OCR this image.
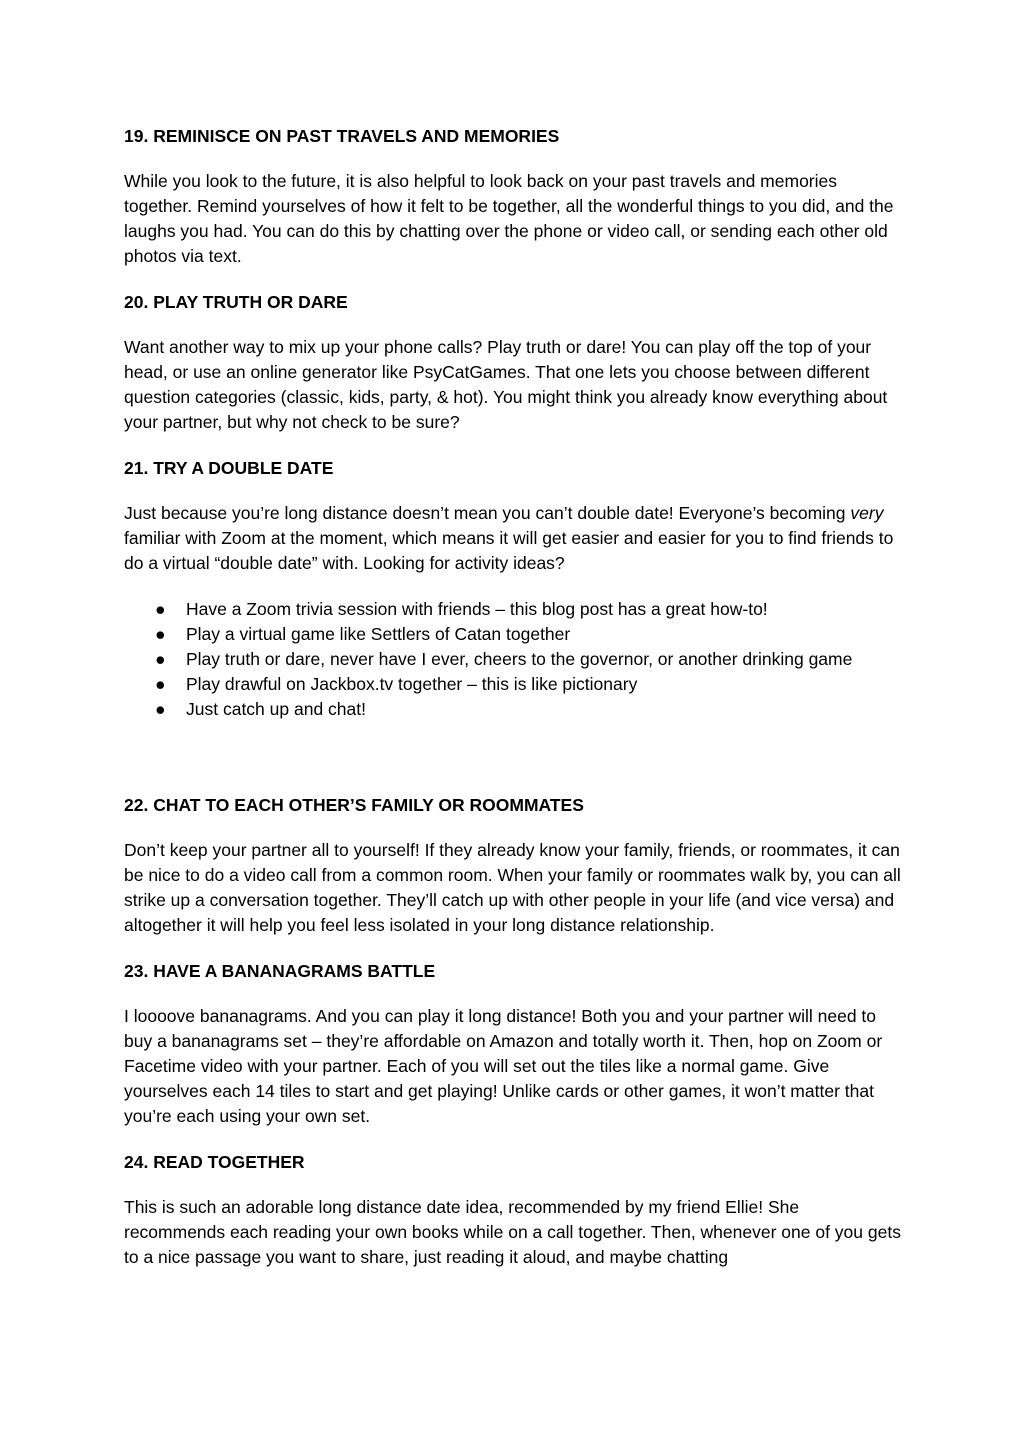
19. REMINISCE ON PAST TRAVELS AND MEMORIES

While you look to the future, it is also helpful to look back on your past travels and memories together. Remind yourselves of how it felt to be together, all the wonderful things to you did, and the laughs you had. You can do this by chatting over the phone or video call, or sending each other old photos via text.

20. PLAY TRUTH OR DARE

Want another way to mix up your phone calls? Play truth or dare! You can play off the top of your head, or use an online generator like PsyCatGames. That one lets you choose between different question categories (classic, kids, party, & hot). You might think you already know everything about your partner, but why not check to be sure?

21. TRY A DOUBLE DATE

Just because you’re long distance doesn’t mean you can’t double date! Everyone’s becoming very familiar with Zoom at the moment, which means it will get easier and easier for you to find friends to do a virtual “double date” with. Looking for activity ideas?

● Have a Zoom trivia session with friends – this blog post has a great how-to!
● Play a virtual game like Settlers of Catan together
● Play truth or dare, never have I ever, cheers to the governor, or another drinking game
● Play drawful on Jackbox.tv together – this is like pictionary
● Just catch up and chat!
22. CHAT TO EACH OTHER’S FAMILY OR ROOMMATES

Don’t keep your partner all to yourself! If they already know your family, friends, or roommates, it can be nice to do a video call from a common room. When your family or roommates walk by, you can all strike up a conversation together. They’ll catch up with other people in your life (and vice versa) and altogether it will help you feel less isolated in your long distance relationship.

23. HAVE A BANANAGRAMS BATTLE

I loooove bananagrams. And you can play it long distance! Both you and your partner will need to buy a bananagrams set – they’re affordable on Amazon and totally worth it. Then, hop on Zoom or Facetime video with your partner. Each of you will set out the tiles like a normal game. Give yourselves each 14 tiles to start and get playing! Unlike cards or other games, it won’t matter that you’re each using your own set.

24. READ TOGETHER

This is such an adorable long distance date idea, recommended by my friend Ellie! She recommends each reading your own books while on a call together. Then, whenever one of you gets to a nice passage you want to share, just reading it aloud, and maybe chatting
